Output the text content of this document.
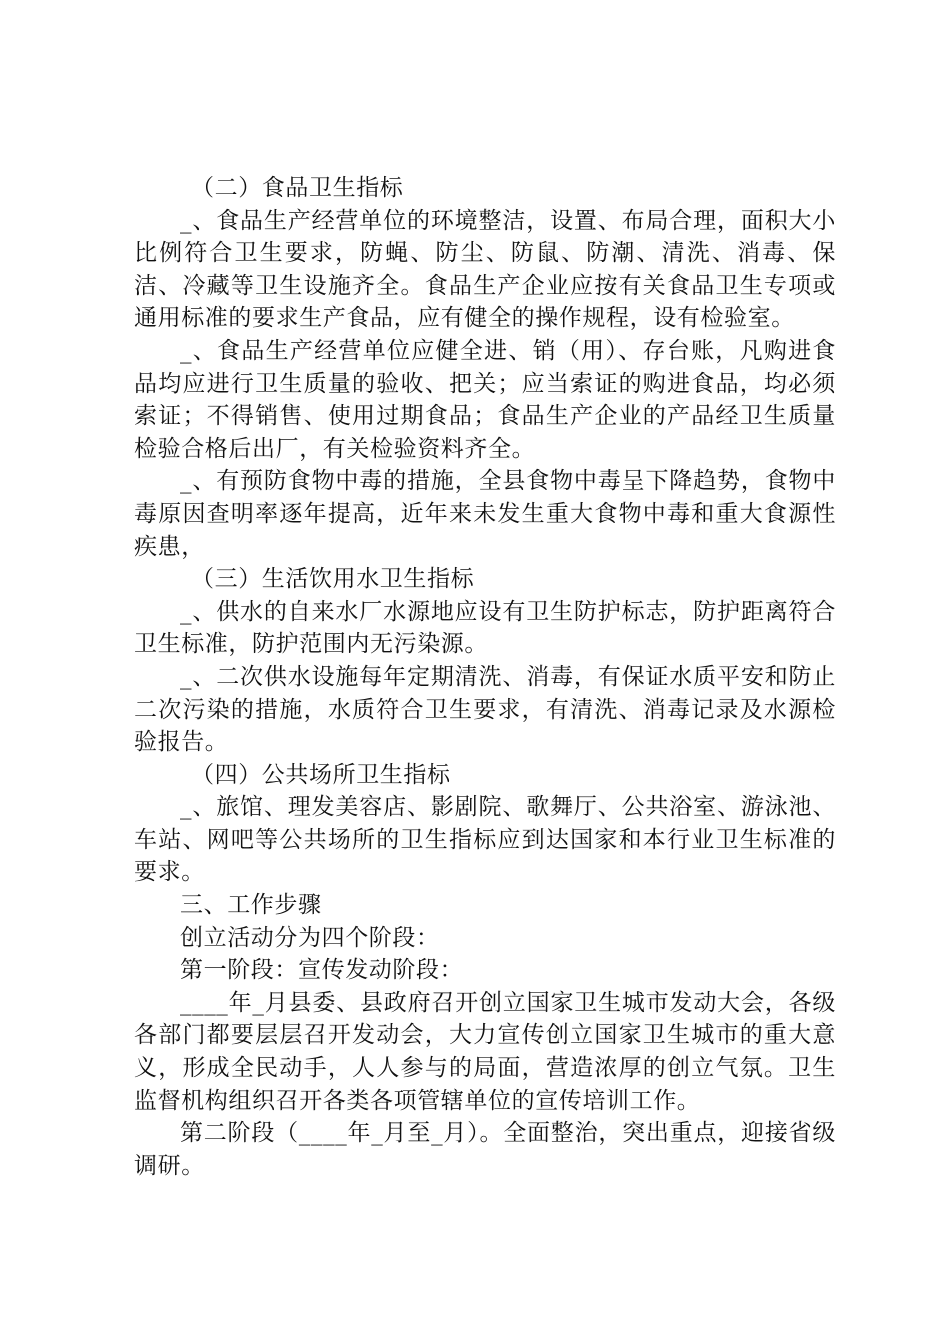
（二）食品卫生指标

_、食品生产经营单位的环境整洁，设置、布局合理，面积大小比例符合卫生要求，防蝇、防尘、防鼠、防潮、清洗、消毒、保洁、冷藏等卫生设施齐全。食品生产企业应按有关食品卫生专项或通用标准的要求生产食品，应有健全的操作规程，设有检验室。

_、食品生产经营单位应健全进、销（用）、存台账，凡购进食品均应进行卫生质量的验收、把关；应当索证的购进食品，均必须索证；不得销售、使用过期食品；食品生产企业的产品经卫生质量检验合格后出厂，有关检验资料齐全。

_、有预防食物中毒的措施，全县食物中毒呈下降趋势，食物中毒原因查明率逐年提高，近年来未发生重大食物中毒和重大食源性疾患，

（三）生活饮用水卫生指标

_、供水的自来水厂水源地应设有卫生防护标志，防护距离符合卫生标准，防护范围内无污染源。

_、二次供水设施每年定期清洗、消毒，有保证水质平安和防止二次污染的措施，水质符合卫生要求，有清洗、消毒记录及水源检验报告。

（四）公共场所卫生指标

_、旅馆、理发美容店、影剧院、歌舞厅、公共浴室、游泳池、车站、网吧等公共场所的卫生指标应到达国家和本行业卫生标准的要求。

三、工作步骤

创立活动分为四个阶段：

第一阶段：宣传发动阶段：

____年_月县委、县政府召开创立国家卫生城市发动大会，各级各部门都要层层召开发动会，大力宣传创立国家卫生城市的重大意义，形成全民动手，人人参与的局面，营造浓厚的创立气氛。卫生监督机构组织召开各类各项管辖单位的宣传培训工作。

第二阶段（____年_月至_月）。全面整治，突出重点，迎接省级调研。
